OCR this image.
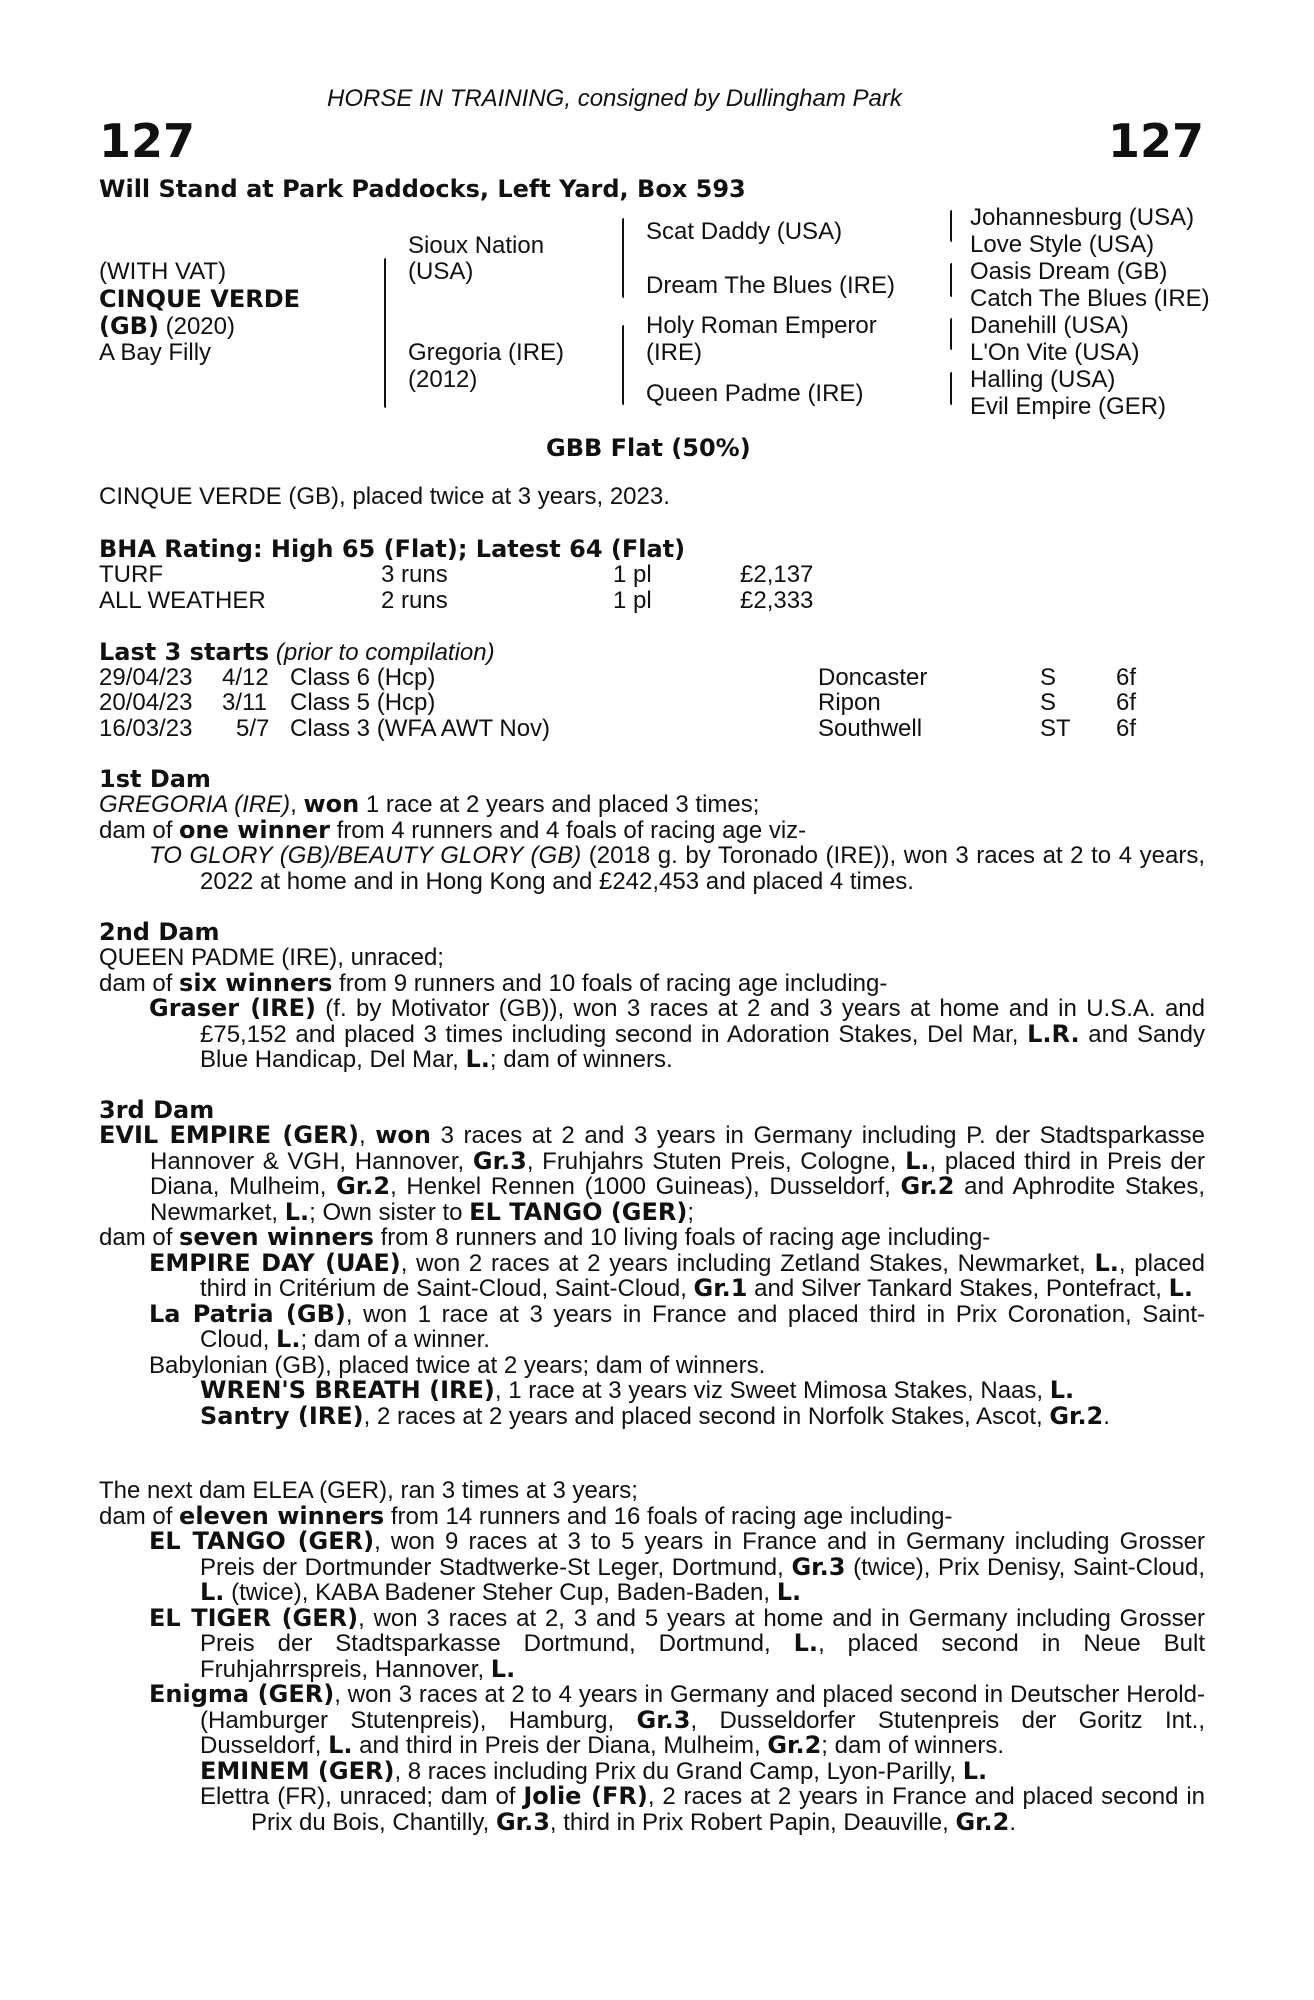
HORSE IN TRAINING, consigned by Dullingham Park
127	127
Will Stand at Park Paddocks, Left Yard, Box 593
(WITH VAT)
CINQUE VERDE
(GB) (2020)
A Bay Filly
Sioux Nation
(USA)
Gregoria (IRE)
(2012)
Scat Daddy (USA)
Dream The Blues (IRE)
Holy Roman Emperor
(IRE)
Queen Padme (IRE)
Johannesburg (USA)
Love Style (USA)
Oasis Dream (GB)
Catch The Blues (IRE)
Danehill (USA)
L'On Vite (USA)
Halling (USA)
Evil Empire (GER)
GBB Flat (50%)
CINQUE VERDE (GB), placed twice at 3 years, 2023.
BHA Rating: High 65 (Flat); Latest 64 (Flat)
TURF	3 runs	1 pl	£2,137
ALL WEATHER	2 runs	1 pl	£2,333
Last 3 starts (prior to compilation)
29/04/23 4/12 Class 6 (Hcp)	Doncaster	S 6f
20/04/23 3/11 Class 5 (Hcp)	Ripon	S 6f
16/03/23 5/7 Class 3 (WFA AWT Nov)	Southwell	ST 6f

1st Dam

GREGORIA (IRE), won 1 race at 2 years and placed 3 times;

dam of one winner from 4 runners and 4 foals of racing age viz-

TO GLORY (GB)/BEAUTY GLORY (GB) (2018 g. by Toronado (IRE)), won 3 races at 2 to 4 years, 2022 at home and in Hong Kong and £242,453 and placed 4 times.

2nd Dam

QUEEN PADME (IRE), unraced;

dam of six winners from 9 runners and 10 foals of racing age including-

Graser (IRE) (f. by Motivator (GB)), won 3 races at 2 and 3 years at home and in U.S.A. and £75,152 and placed 3 times including second in Adoration Stakes, Del Mar, L.R. and Sandy Blue Handicap, Del Mar, L.; dam of winners.

3rd Dam

EVIL EMPIRE (GER), won 3 races at 2 and 3 years in Germany including P. der Stadtsparkasse Hannover & VGH, Hannover, Gr.3, Fruhjahrs Stuten Preis, Cologne, L., placed third in Preis der Diana, Mulheim, Gr.2, Henkel Rennen (1000 Guineas), Dusseldorf, Gr.2 and Aphrodite Stakes, Newmarket, L.; Own sister to EL TANGO (GER);

dam of seven winners from 8 runners and 10 living foals of racing age including-

EMPIRE DAY (UAE), won 2 races at 2 years including Zetland Stakes, Newmarket, L., placed third in Critérium de Saint-Cloud, Saint-Cloud, Gr.1 and Silver Tankard Stakes, Pontefract, L.

La Patria (GB), won 1 race at 3 years in France and placed third in Prix Coronation, Saint-Cloud, L.; dam of a winner.

Babylonian (GB), placed twice at 2 years; dam of winners.

WREN'S BREATH (IRE), 1 race at 3 years viz Sweet Mimosa Stakes, Naas, L.

Santry (IRE), 2 races at 2 years and placed second in Norfolk Stakes, Ascot, Gr.2.

The next dam ELEA (GER), ran 3 times at 3 years;

dam of eleven winners from 14 runners and 16 foals of racing age including-

EL TANGO (GER), won 9 races at 3 to 5 years in France and in Germany including Grosser Preis der Dortmunder Stadtwerke-St Leger, Dortmund, Gr.3 (twice), Prix Denisy, Saint-Cloud, L. (twice), KABA Badener Steher Cup, Baden-Baden, L.

EL TIGER (GER), won 3 races at 2, 3 and 5 years at home and in Germany including Grosser Preis der Stadtsparkasse Dortmund, Dortmund, L., placed second in Neue Bult Fruhjahrrspreis, Hannover, L.

Enigma (GER), won 3 races at 2 to 4 years in Germany and placed second in Deutscher Herold-(Hamburger Stutenpreis), Hamburg, Gr.3, Dusseldorfer Stutenpreis der Goritz Int., Dusseldorf, L. and third in Preis der Diana, Mulheim, Gr.2; dam of winners.

EMINEM (GER), 8 races including Prix du Grand Camp, Lyon-Parilly, L.

Elettra (FR), unraced; dam of Jolie (FR), 2 races at 2 years in France and placed second in Prix du Bois, Chantilly, Gr.3, third in Prix Robert Papin, Deauville, Gr.2.
